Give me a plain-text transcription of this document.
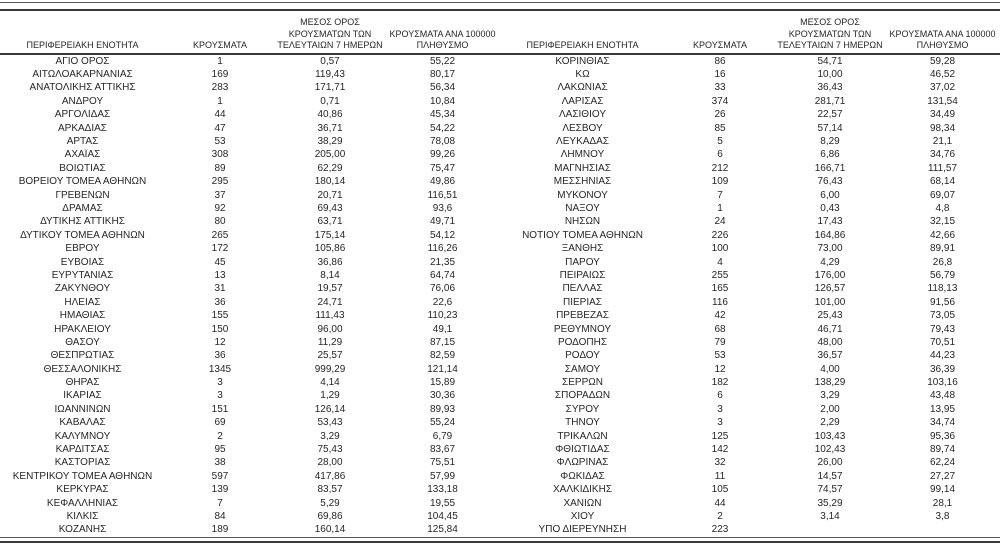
ΠΕΡΙΦΕΡΕΙΑΚΗ ΕΝΟΤΗΤΑ	ΚΡΟΥΣΜΑΤΑ	ΜΕΣΟΣ ΟΡΟΣ
ΚΡΟΥΣΜΑΤΩΝ ΤΩΝ
ΤΕΛΕΥΤΑΙΩΝ 7 ΗΜΕΡΩΝ	ΚΡΟΥΣΜΑΤΑ ΑΝΑ 100000
ΠΛΗΘΥΣΜΟ
ΑΓΙΟ ΟΡΟΣ	1	0,57	55,22
ΑΙΤΩΛΟΑΚΑΡΝΑΝΙΑΣ	169	119,43	80,17
ΑΝΑΤΟΛΙΚΗΣ ΑΤΤΙΚΗΣ	283	171,71	56,34
ΑΝΔΡΟΥ	1	0,71	10,84
ΑΡΓΟΛΙΔΑΣ	44	40,86	45,34
ΑΡΚΑΔΙΑΣ	47	36,71	54,22
ΑΡΤΑΣ	53	38,29	78,08
ΑΧΑΪΑΣ	308	205,00	99,26
ΒΟΙΩΤΙΑΣ	89	62,29	75,47
ΒΟΡΕΙΟΥ ΤΟΜΕΑ ΑΘΗΝΩΝ	295	180,14	49,86
ΓΡΕΒΕΝΩΝ	37	20,71	116,51
ΔΡΑΜΑΣ	92	69,43	93,6
ΔΥΤΙΚΗΣ ΑΤΤΙΚΗΣ	80	63,71	49,71
ΔΥΤΙΚΟΥ ΤΟΜΕΑ ΑΘΗΝΩΝ	265	175,14	54,12
ΕΒΡΟΥ	172	105,86	116,26
ΕΥΒΟΙΑΣ	45	36,86	21,35
ΕΥΡΥΤΑΝΙΑΣ	13	8,14	64,74
ΖΑΚΥΝΘΟΥ	31	19,57	76,06
ΗΛΕΙΑΣ	36	24,71	22,6
ΗΜΑΘΙΑΣ	155	111,43	110,23
ΗΡΑΚΛΕΙΟΥ	150	96,00	49,1
ΘΑΣΟΥ	12	11,29	87,15
ΘΕΣΠΡΩΤΙΑΣ	36	25,57	82,59
ΘΕΣΣΑΛΟΝΙΚΗΣ	1345	999,29	121,14
ΘΗΡΑΣ	3	4,14	15,89
ΙΚΑΡΙΑΣ	3	1,29	30,36
ΙΩΑΝΝΙΝΩΝ	151	126,14	89,93
ΚΑΒΑΛΑΣ	69	53,43	55,24
ΚΑΛΥΜΝΟΥ	2	3,29	6,79
ΚΑΡΔΙΤΣΑΣ	95	75,43	83,67
ΚΑΣΤΟΡΙΑΣ	38	28,00	75,51
ΚΕΝΤΡΙΚΟΥ ΤΟΜΕΑ ΑΘΗΝΩΝ	597	417,86	57,99
ΚΕΡΚΥΡΑΣ	139	83,57	133,18
ΚΕΦΑΛΛΗΝΙΑΣ	7	5,29	19,55
ΚΙΛΚΙΣ	84	69,86	104,45
ΚΟΖΑΝΗΣ	189	160,14	125,84
ΠΕΡΙΦΕΡΕΙΑΚΗ ΕΝΟΤΗΤΑ	ΚΡΟΥΣΜΑΤΑ	ΜΕΣΟΣ ΟΡΟΣ
ΚΡΟΥΣΜΑΤΩΝ ΤΩΝ
ΤΕΛΕΥΤΑΙΩΝ 7 ΗΜΕΡΩΝ	ΚΡΟΥΣΜΑΤΑ ΑΝΑ 100000
ΠΛΗΘΥΣΜΟ
ΚΟΡΙΝΘΙΑΣ	86	54,71	59,28
ΚΩ	16	10,00	46,52
ΛΑΚΩΝΙΑΣ	33	36,43	37,02
ΛΑΡΙΣΑΣ	374	281,71	131,54
ΛΑΣΙΘΙΟΥ	26	22,57	34,49
ΛΕΣΒΟΥ	85	57,14	98,34
ΛΕΥΚΑΔΑΣ	5	8,29	21,1
ΛΗΜΝΟΥ	6	6,86	34,76
ΜΑΓΝΗΣΙΑΣ	212	166,71	111,57
ΜΕΣΣΗΝΙΑΣ	109	76,43	68,14
ΜΥΚΟΝΟΥ	7	6,00	69,07
ΝΑΞΟΥ	1	0,43	4,8
ΝΗΣΩΝ	24	17,43	32,15
ΝΟΤΙΟΥ ΤΟΜΕΑ ΑΘΗΝΩΝ	226	164,86	42,66
ΞΑΝΘΗΣ	100	73,00	89,91
ΠΑΡΟΥ	4	4,29	26,8
ΠΕΙΡΑΙΩΣ	255	176,00	56,79
ΠΕΛΛΑΣ	165	126,57	118,13
ΠΙΕΡΙΑΣ	116	101,00	91,56
ΠΡΕΒΕΖΑΣ	42	25,43	73,05
ΡΕΘΥΜΝΟΥ	68	46,71	79,43
ΡΟΔΟΠΗΣ	79	48,00	70,51
ΡΟΔΟΥ	53	36,57	44,23
ΣΑΜΟΥ	12	4,00	36,39
ΣΕΡΡΩΝ	182	138,29	103,16
ΣΠΟΡΑΔΩΝ	6	3,29	43,48
ΣΥΡΟΥ	3	2,00	13,95
ΤΗΝΟΥ	3	2,29	34,74
ΤΡΙΚΑΛΩΝ	125	103,43	95,36
ΦΘΙΩΤΙΔΑΣ	142	102,43	89,74
ΦΛΩΡΙΝΑΣ	32	26,00	62,24
ΦΩΚΙΔΑΣ	11	14,57	27,27
ΧΑΛΚΙΔΙΚΗΣ	105	74,57	99,14
ΧΑΝΙΩΝ	44	35,29	28,1
ΧΙΟΥ	2	3,14	3,8
ΥΠΟ ΔΙΕΡΕΥΝΗΣΗ	223		
